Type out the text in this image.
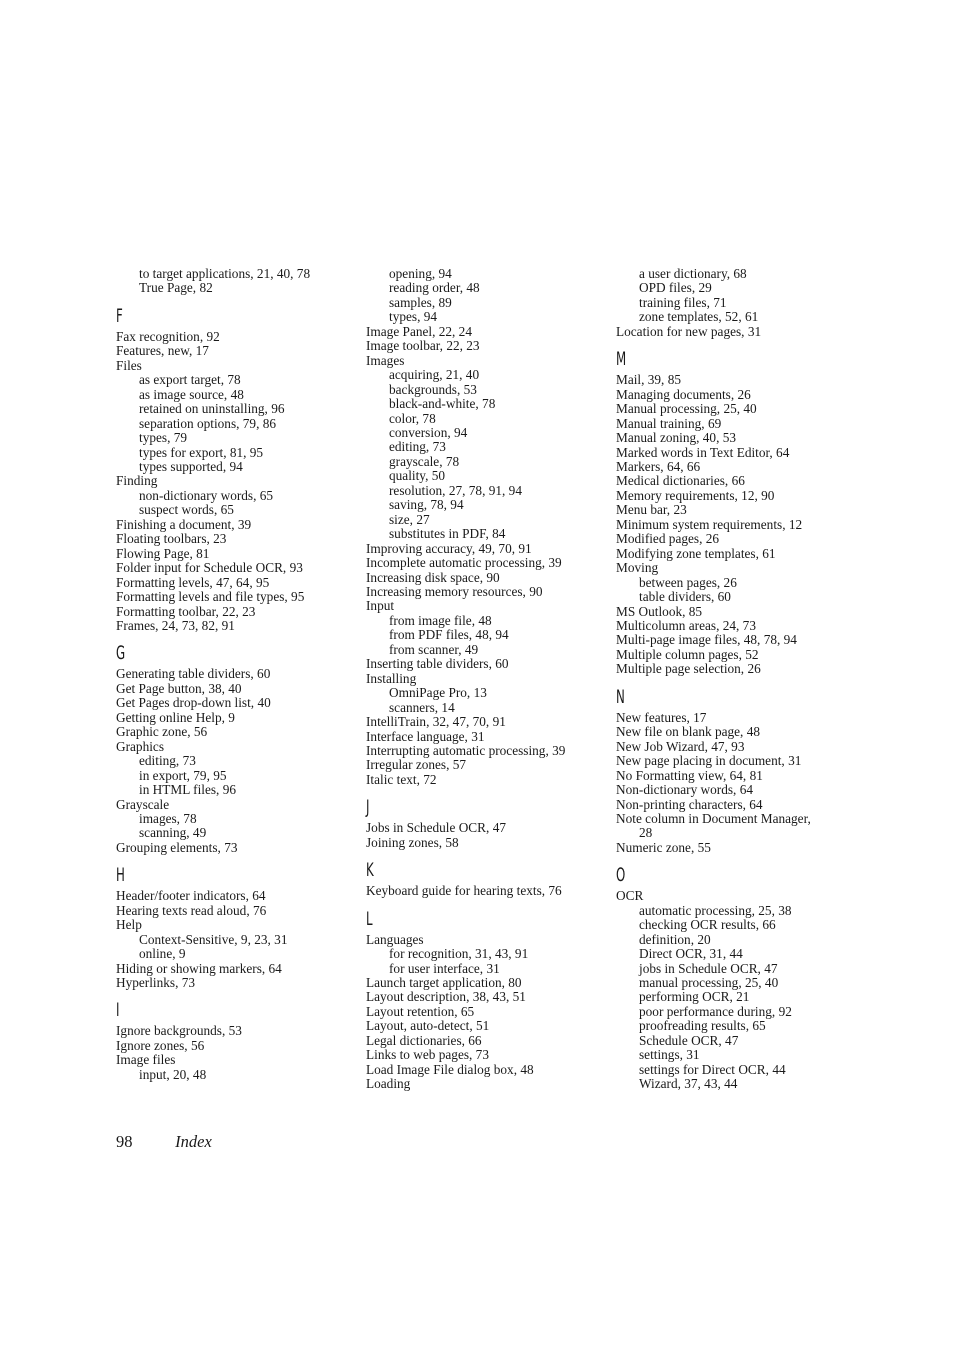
to target applications, 21, 40, 78
True Page, 82
F
Fax recognition, 92
Features, new, 17
Files
as export target, 78
as image source, 48
retained on uninstalling, 96
separation options, 79, 86
types, 79
types for export, 81, 95
types supported, 94
Finding
non-dictionary words, 65
suspect words, 65
Finishing a document, 39
Floating toolbars, 23
Flowing Page, 81
Folder input for Schedule OCR, 93
Formatting levels, 47, 64, 95
Formatting levels and file types, 95
Formatting toolbar, 22, 23
Frames, 24, 73, 82, 91
G
Generating table dividers, 60
Get Page button, 38, 40
Get Pages drop-down list, 40
Getting online Help, 9
Graphic zone, 56
Graphics
editing, 73
in export, 79, 95
in HTML files, 96
Grayscale
images, 78
scanning, 49
Grouping elements, 73
H
Header/footer indicators, 64
Hearing texts read aloud, 76
Help
Context-Sensitive, 9, 23, 31
online, 9
Hiding or showing markers, 64
Hyperlinks, 73
I
Ignore backgrounds, 53
Ignore zones, 56
Image files
input, 20, 48
opening, 94
reading order, 48
samples, 89
types, 94
Image Panel, 22, 24
Image toolbar, 22, 23
Images
acquiring, 21, 40
backgrounds, 53
black-and-white, 78
color, 78
conversion, 94
editing, 73
grayscale, 78
quality, 50
resolution, 27, 78, 91, 94
saving, 78, 94
size, 27
substitutes in PDF, 84
Improving accuracy, 49, 70, 91
Incomplete automatic processing, 39
Increasing disk space, 90
Increasing memory resources, 90
Input
from image file, 48
from PDF files, 48, 94
from scanner, 49
Inserting table dividers, 60
Installing
OmniPage Pro, 13
scanners, 14
IntelliTrain, 32, 47, 70, 91
Interface language, 31
Interrupting automatic processing, 39
Irregular zones, 57
Italic text, 72
J
Jobs in Schedule OCR, 47
Joining zones, 58
K
Keyboard guide for hearing texts, 76
L
Languages
for recognition, 31, 43, 91
for user interface, 31
Launch target application, 80
Layout description, 38, 43, 51
Layout retention, 65
Layout, auto-detect, 51
Legal dictionaries, 66
Links to web pages, 73
Load Image File dialog box, 48
Loading
a user dictionary, 68
OPD files, 29
training files, 71
zone templates, 52, 61
Location for new pages, 31
M
Mail, 39, 85
Managing documents, 26
Manual processing, 25, 40
Manual training, 69
Manual zoning, 40, 53
Marked words in Text Editor, 64
Markers, 64, 66
Medical dictionaries, 66
Memory requirements, 12, 90
Menu bar, 23
Minimum system requirements, 12
Modified pages, 26
Modifying zone templates, 61
Moving
between pages, 26
table dividers, 60
MS Outlook, 85
Multicolumn areas, 24, 73
Multi-page image files, 48, 78, 94
Multiple column pages, 52
Multiple page selection, 26
N
New features, 17
New file on blank page, 48
New Job Wizard, 47, 93
New page placing in document, 31
No Formatting view, 64, 81
Non-dictionary words, 64
Non-printing characters, 64
Note column in Document Manager,
28
Numeric zone, 55
O
OCR
automatic processing, 25, 38
checking OCR results, 66
definition, 20
Direct OCR, 31, 44
jobs in Schedule OCR, 47
manual processing, 25, 40
performing OCR, 21
poor performance during, 92
proofreading results, 65
Schedule OCR, 47
settings, 31
settings for Direct OCR, 44
Wizard, 37, 43, 44
98	Index
